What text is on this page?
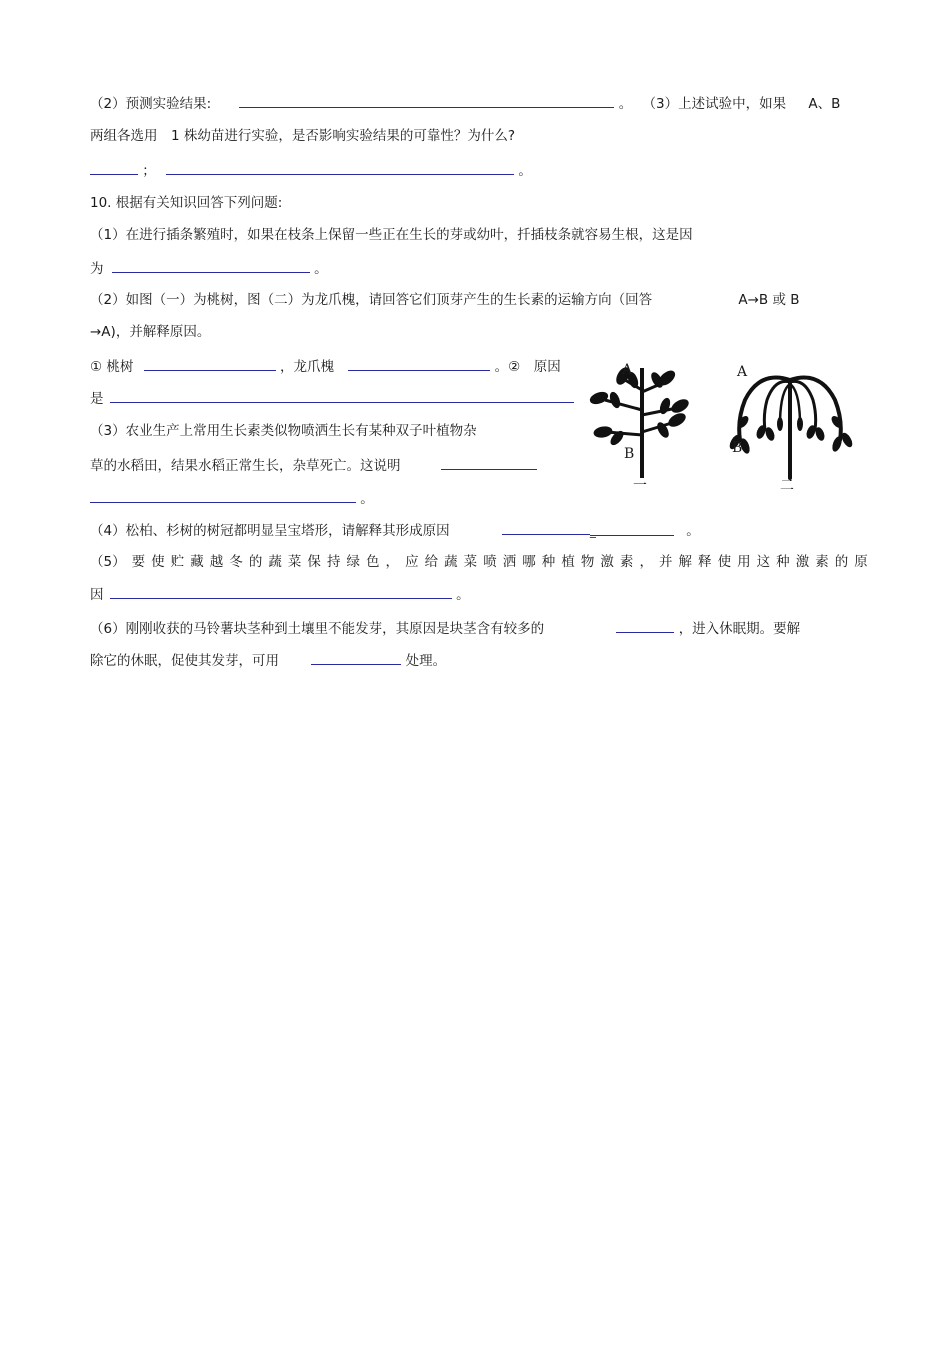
（2）预测实验结果:	。 （3）上述试验中，如果 A、B
两组各选用　1 株幼苗进行实验，是否影响实验结果的可靠性？为什么?
；	。
10. 根据有关知识回答下列问题:
（1）在进行插条繁殖时，如果在枝条上保留一些正在生长的芽或幼叶，扦插枝条就容易生根，这是因
为	。
（2）如图（一）为桃树，图（二）为龙爪槐，请回答它们顶芽产生的生长素的运输方向（回答	A→B 或 B
→A)，并解释原因。
① 桃树	，龙爪槐	。②　原因
是
（3）农业生产上常用生长素类似物喷洒生长有某种双子叶植物杂
草的水稻田，结果水稻正常生长，杂草死亡。这说明
。
A
B
A
B
一	二
（4）松柏、杉树的树冠都明显呈宝塔形，请解释其形成原因	_	。
（5） 要 使 贮 藏 越 冬 的 蔬 菜 保 持 绿 色 ， 应 给 蔬 菜 喷 洒 哪 种 植 物 激 素 ， 并 解 释 使 用 这 种 激 素 的 原
因	。
（6）刚刚收获的马铃薯块茎种到土壤里不能发芽，其原因是块茎含有较多的	，进入休眠期。要解
除它的休眠，促使其发芽，可用	处理。
